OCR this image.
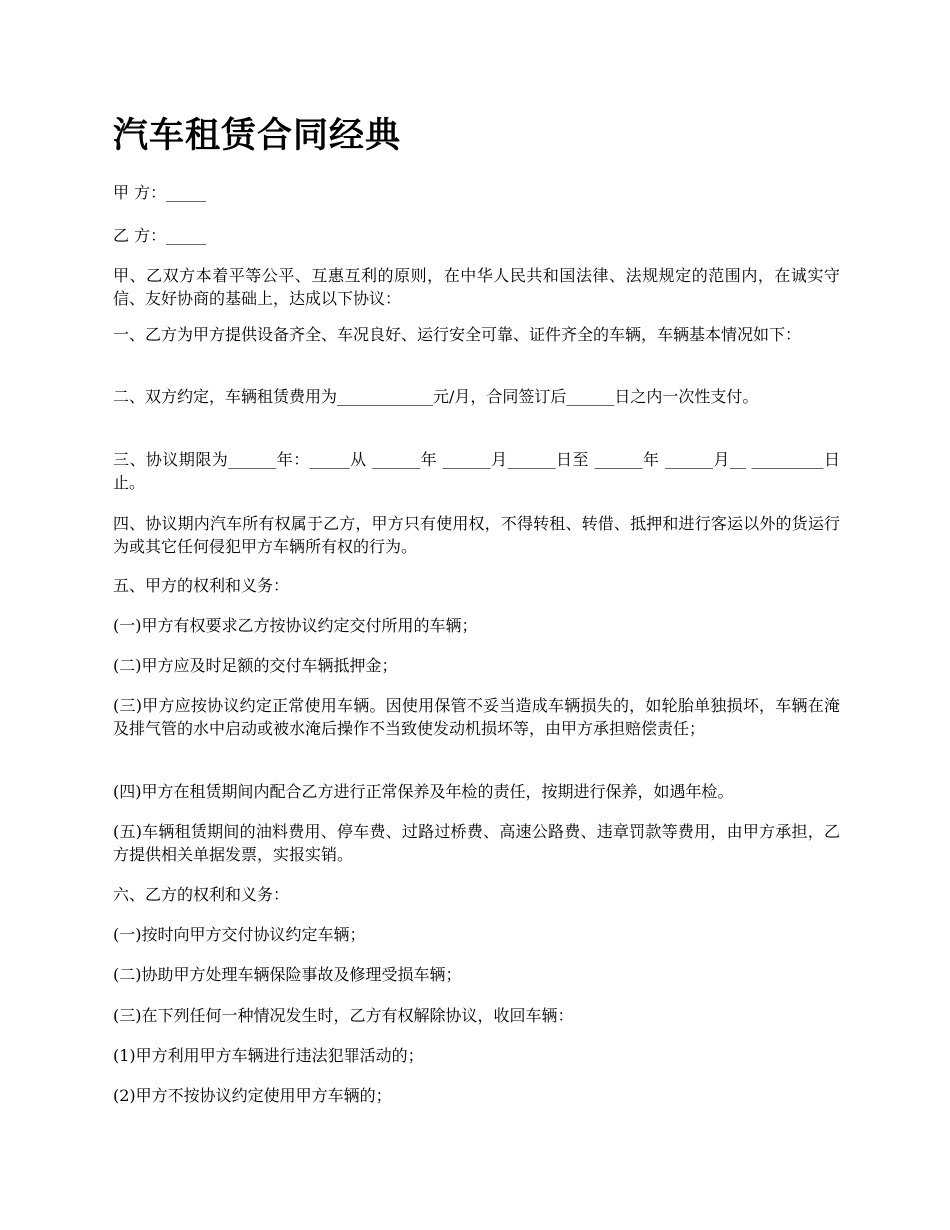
汽车租赁合同经典

甲 方：_____

乙 方：_____

甲、乙双方本着平等公平、互惠互利的原则，在中华人民共和国法律、法规规定的范围内，在诚实守信、友好协商的基础上，达成以下协议：

一、乙方为甲方提供设备齐全、车况良好、运行安全可靠、证件齐全的车辆，车辆基本情况如下：

二、双方约定，车辆租赁费用为____________元/月，合同签订后______日之内一次性支付。

三、协议期限为______年：_____从 ______年 ______月______日至 ______年 ______月__ _________日止。

四、协议期内汽车所有权属于乙方，甲方只有使用权，不得转租、转借、抵押和进行客运以外的货运行为或其它任何侵犯甲方车辆所有权的行为。

五、甲方的权利和义务：

(一)甲方有权要求乙方按协议约定交付所用的车辆；

(二)甲方应及时足额的交付车辆抵押金；

(三)甲方应按协议约定正常使用车辆。因使用保管不妥当造成车辆损失的，如轮胎单独损坏，车辆在淹及排气管的水中启动或被水淹后操作不当致使发动机损坏等，由甲方承担赔偿责任；

(四)甲方在租赁期间内配合乙方进行正常保养及年检的责任，按期进行保养，如遇年检。

(五)车辆租赁期间的油料费用、停车费、过路过桥费、高速公路费、违章罚款等费用，由甲方承担，乙方提供相关单据发票，实报实销。

六、乙方的权利和义务：

(一)按时向甲方交付协议约定车辆；

(二)协助甲方处理车辆保险事故及修理受损车辆；

(三)在下列任何一种情况发生时，乙方有权解除协议，收回车辆：

(1)甲方利用甲方车辆进行违法犯罪活动的；

(2)甲方不按协议约定使用甲方车辆的；
